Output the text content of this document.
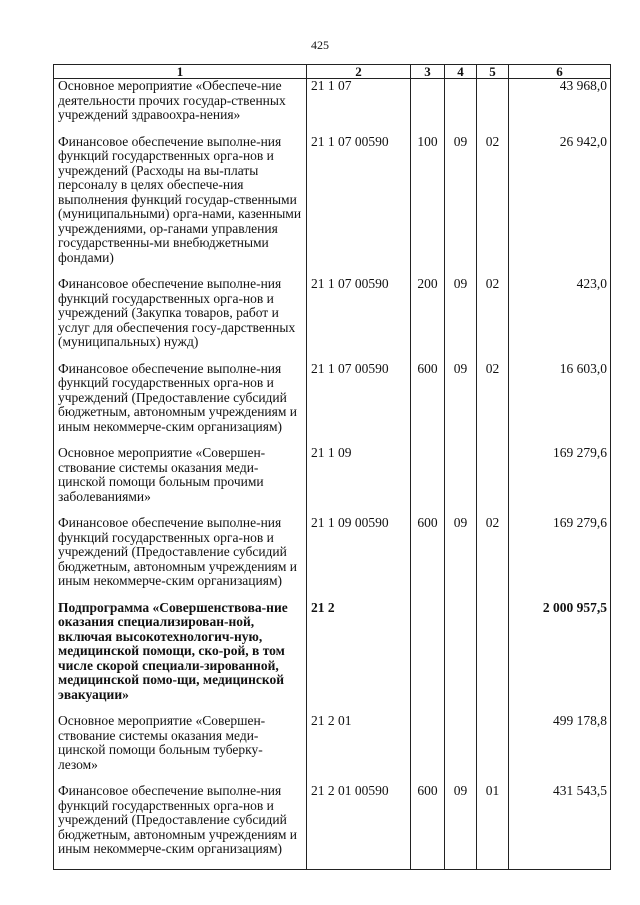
425
1	2	3	4	5	6

Основное мероприятие «Обеспече-ние деятельности прочих государ-ственных учреждений здравоохра-нения»	21 1 07				43 968,0

Финансовое обеспечение выполне-ния функций государственных орга-нов и учреждений (Расходы на вы-платы персоналу в целях обеспече-ния выполнения функций государ-ственными (муниципальными) орга-нами, казенными учреждениями, ор-ганами управления государственны-ми внебюджетными фондами)	21 1 07 00590	100	09	02	26 942,0

Финансовое обеспечение выполне-ния функций государственных орга-нов и учреждений (Закупка товаров, работ и услуг для обеспечения госу-дарственных (муниципальных) нужд)	21 1 07 00590	200	09	02	423,0

Финансовое обеспечение выполне-ния функций государственных орга-нов и учреждений (Предоставление субсидий бюджетным, автономным учреждениям и иным некоммерче-ским организациям)	21 1 07 00590	600	09	02	16 603,0

Основное мероприятие «Совершен-ствование системы оказания меди-цинской помощи больным прочими заболеваниями»	21 1 09				169 279,6

Финансовое обеспечение выполне-ния функций государственных орга-нов и учреждений (Предоставление субсидий бюджетным, автономным учреждениям и иным некоммерче-ским организациям)	21 1 09 00590	600	09	02	169 279,6

Подпрограмма «Совершенствова-ние оказания специализирован-ной, включая высокотехнологич-ную, медицинской помощи, ско-рой, в том числе скорой специали-зированной, медицинской помо-щи, медицинской эвакуации»	21 2				2 000 957,5

Основное мероприятие «Совершен-ствование системы оказания меди-цинской помощи больным туберку-лезом»	21 2 01				499 178,8

Финансовое обеспечение выполне-ния функций государственных орга-нов и учреждений (Предоставление субсидий бюджетным, автономным учреждениям и иным некоммерче-ским организациям)	21 2 01 00590	600	09	01	431 543,5
